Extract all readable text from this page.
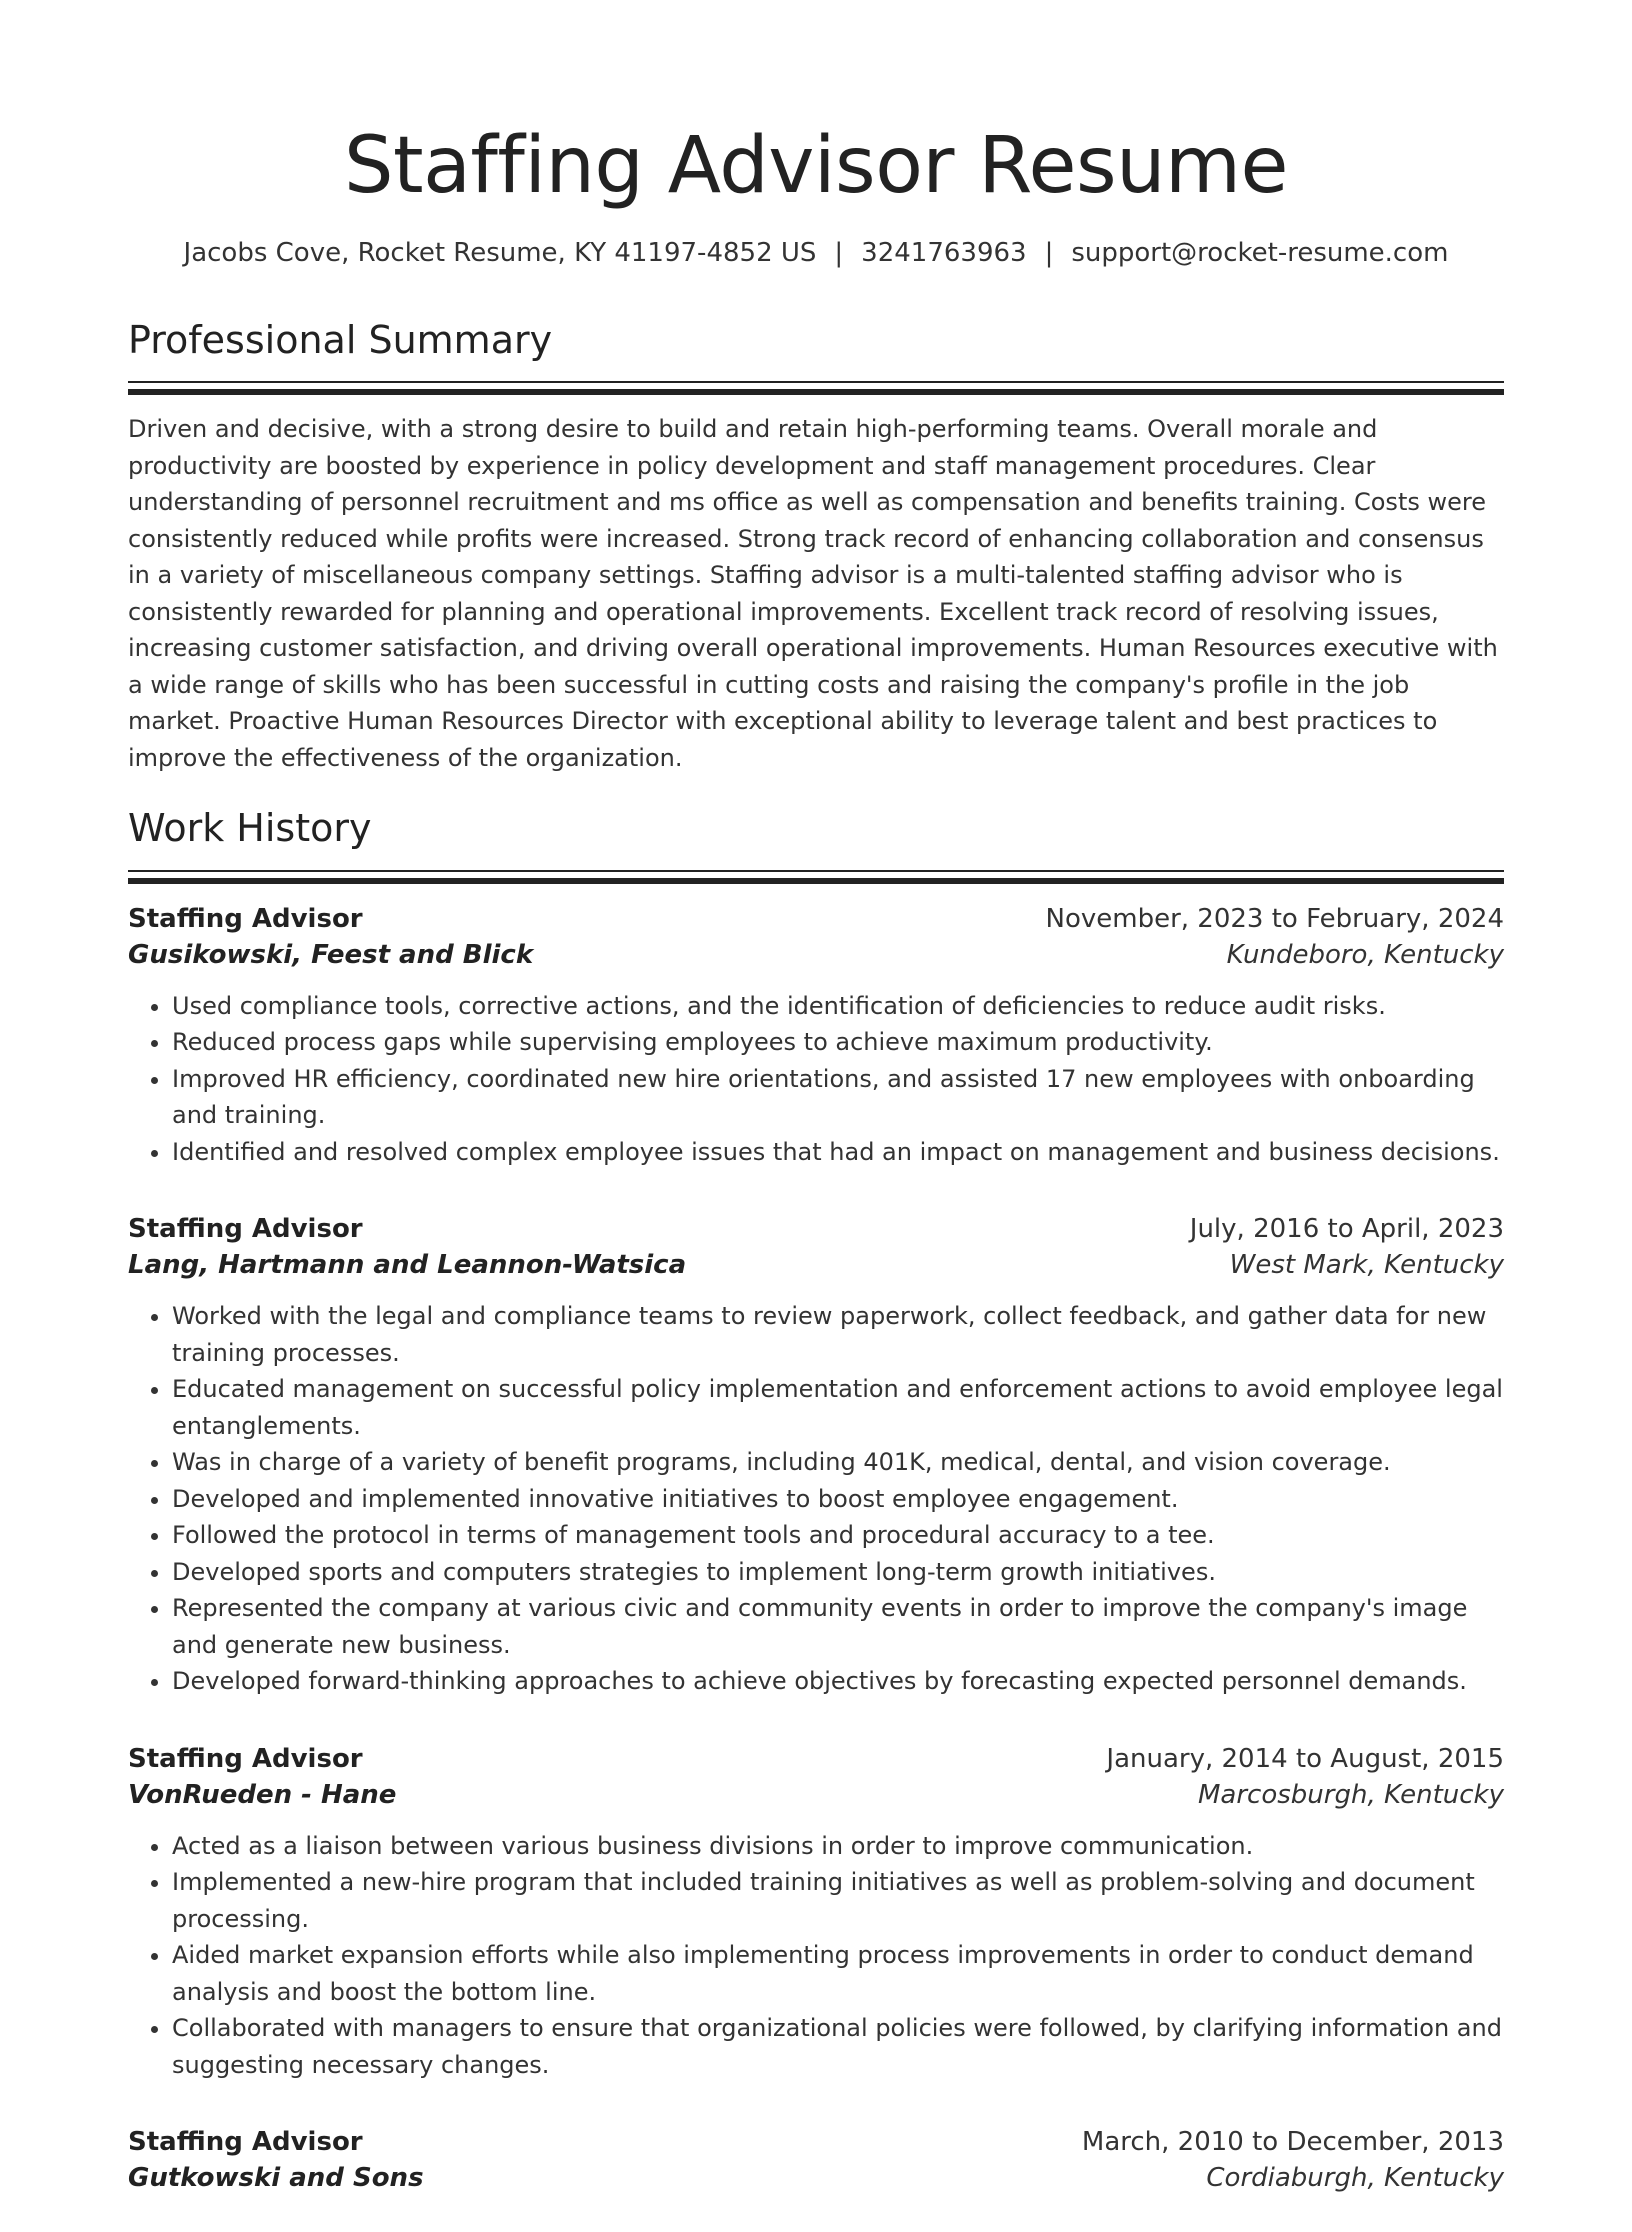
Staffing Advisor Resume
Jacobs Cove, Rocket Resume, KY 41197-4852 US | 3241763963 | support@rocket-resume.com
Professional Summary

Driven and decisive, with a strong desire to build and retain high-performing teams. Overall morale and productivity are boosted by experience in policy development and staff management procedures. Clear understanding of personnel recruitment and ms office as well as compensation and benefits training. Costs were consistently reduced while profits were increased. Strong track record of enhancing collaboration and consensus in a variety of miscellaneous company settings. Staffing advisor is a multi-talented staffing advisor who is consistently rewarded for planning and operational improvements. Excellent track record of resolving issues, increasing customer satisfaction, and driving overall operational improvements. Human Resources executive with a wide range of skills who has been successful in cutting costs and raising the company's profile in the job market. Proactive Human Resources Director with exceptional ability to leverage talent and best practices to improve the effectiveness of the organization.

Work History
Staffing Advisor	November, 2023 to February, 2024
Gusikowski, Feest and Blick	Kundeboro, Kentucky
• Used compliance tools, corrective actions, and the identification of deficiencies to reduce audit risks.
• Reduced process gaps while supervising employees to achieve maximum productivity.
• Improved HR efficiency, coordinated new hire orientations, and assisted 17 new employees with onboarding and training.
• Identified and resolved complex employee issues that had an impact on management and business decisions.
Staffing Advisor	July, 2016 to April, 2023
Lang, Hartmann and Leannon-Watsica	West Mark, Kentucky
• Worked with the legal and compliance teams to review paperwork, collect feedback, and gather data for new training processes.
• Educated management on successful policy implementation and enforcement actions to avoid employee legal entanglements.
• Was in charge of a variety of benefit programs, including 401K, medical, dental, and vision coverage.
• Developed and implemented innovative initiatives to boost employee engagement.
• Followed the protocol in terms of management tools and procedural accuracy to a tee.
• Developed sports and computers strategies to implement long-term growth initiatives.
• Represented the company at various civic and community events in order to improve the company's image and generate new business.
• Developed forward-thinking approaches to achieve objectives by forecasting expected personnel demands.
Staffing Advisor	January, 2014 to August, 2015
VonRueden - Hane	Marcosburgh, Kentucky
• Acted as a liaison between various business divisions in order to improve communication.
• Implemented a new-hire program that included training initiatives as well as problem-solving and document processing.
• Aided market expansion efforts while also implementing process improvements in order to conduct demand analysis and boost the bottom line.
• Collaborated with managers to ensure that organizational policies were followed, by clarifying information and suggesting necessary changes.
Staffing Advisor	March, 2010 to December, 2013
Gutkowski and Sons	Cordiaburgh, Kentucky
